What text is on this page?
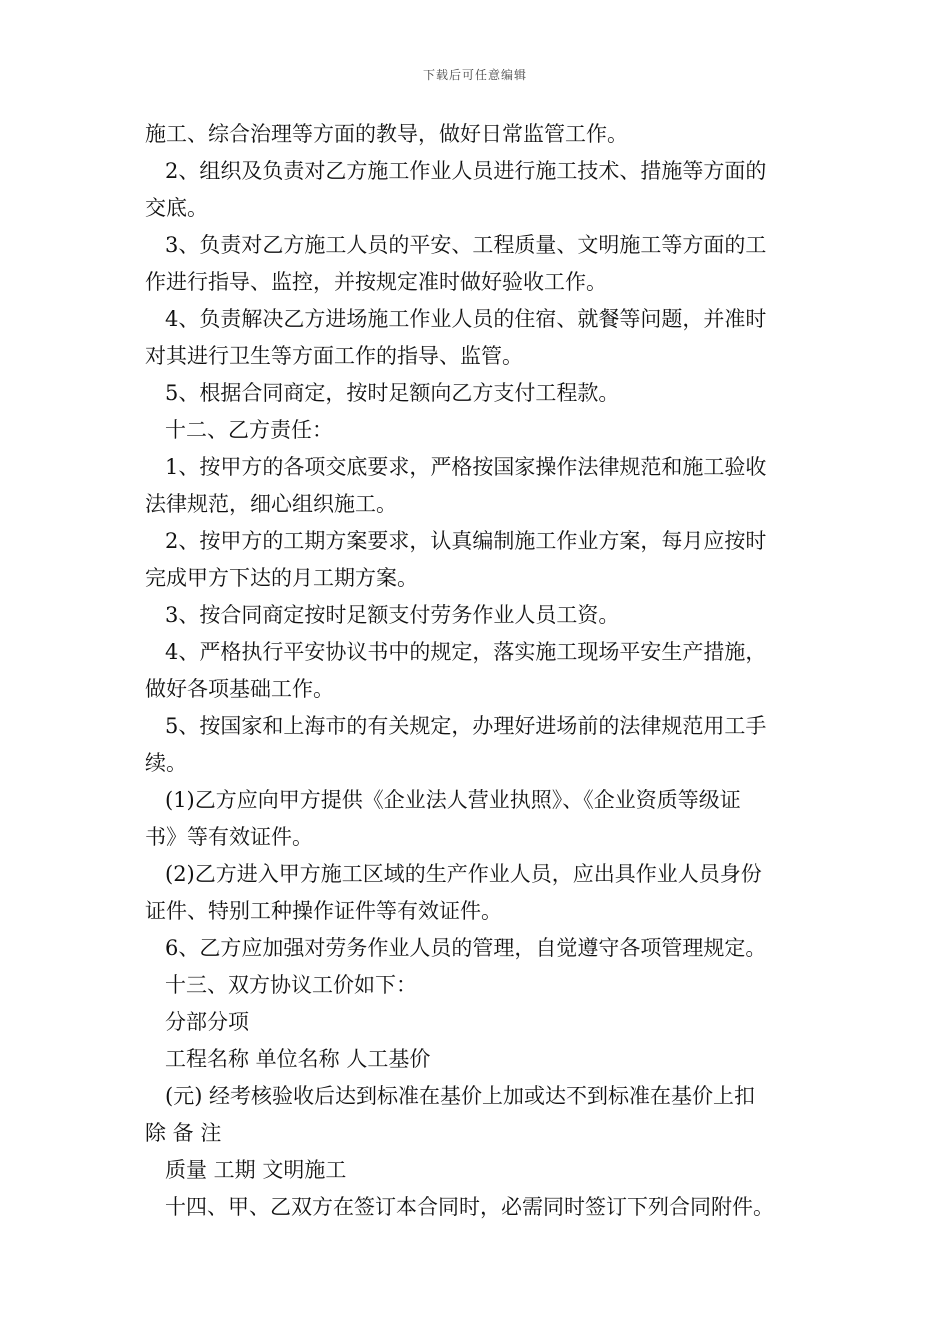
下载后可任意编辑
施工、综合治理等方面的教导，做好日常监管工作。
2、组织及负责对乙方施工作业人员进行施工技术、措施等方面的
交底。
3、负责对乙方施工人员的平安、工程质量、文明施工等方面的工
作进行指导、监控，并按规定准时做好验收工作。
4、负责解决乙方进场施工作业人员的住宿、就餐等问题，并准时
对其进行卫生等方面工作的指导、监管。
5、根据合同商定，按时足额向乙方支付工程款。
十二、乙方责任：
1、按甲方的各项交底要求，严格按国家操作法律规范和施工验收
法律规范，细心组织施工。
2、按甲方的工期方案要求，认真编制施工作业方案，每月应按时
完成甲方下达的月工期方案。
3、按合同商定按时足额支付劳务作业人员工资。
4、严格执行平安协议书中的规定，落实施工现场平安生产措施，
做好各项基础工作。
5、按国家和上海市的有关规定，办理好进场前的法律规范用工手
续。
(1)乙方应向甲方提供《企业法人营业执照》、《企业资质等级证
书》等有效证件。
(2)乙方进入甲方施工区域的生产作业人员，应出具作业人员身份
证件、特别工种操作证件等有效证件。
6、乙方应加强对劳务作业人员的管理，自觉遵守各项管理规定。
十三、双方协议工价如下：
分部分项
工程名称 单位名称 人工基价
(元) 经考核验收后达到标准在基价上加或达不到标准在基价上扣
除 备 注
质量 工期 文明施工
十四、甲、乙双方在签订本合同时，必需同时签订下列合同附件。
